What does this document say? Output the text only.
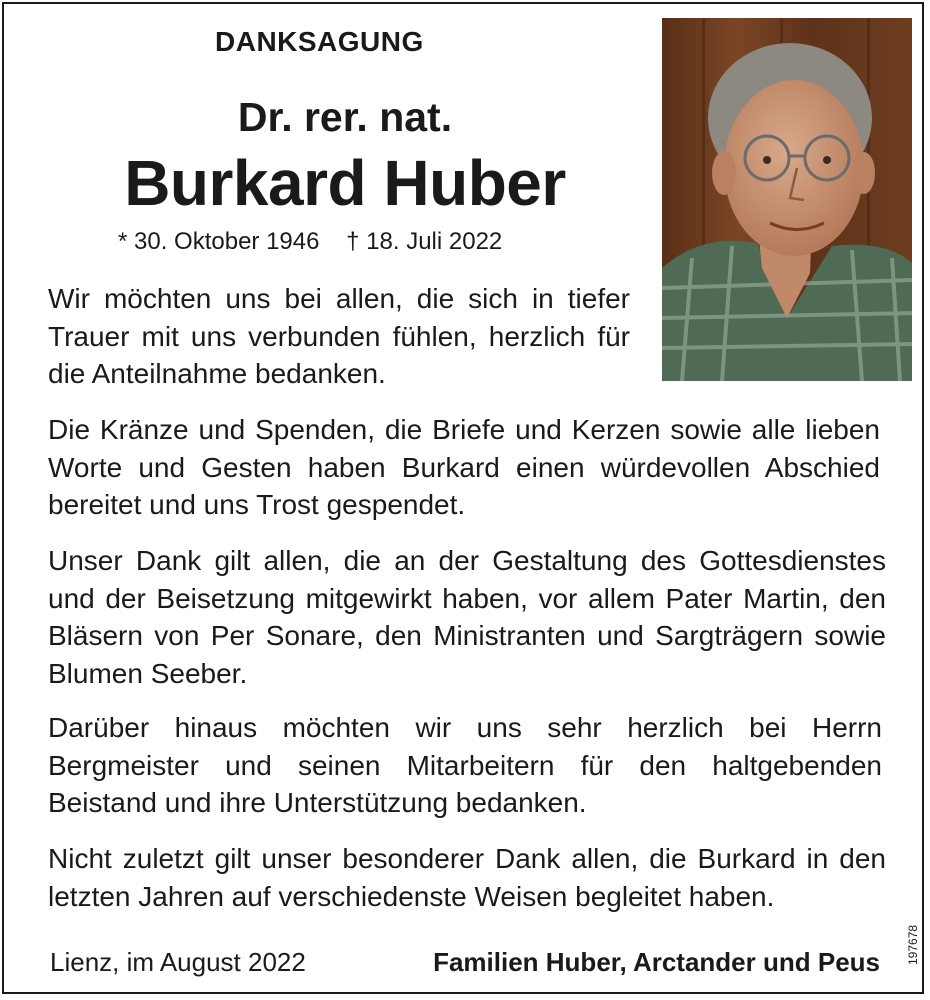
DANKSAGUNG
Dr. rer. nat.
Burkard Huber
* 30. Oktober 1946 † 18. Juli 2022
Wir möchten uns bei allen, die sich in tiefer Trauer mit uns verbunden fühlen, herzlich für die Anteilnahme bedanken.
Die Kränze und Spenden, die Briefe und Kerzen sowie alle lieben Worte und Gesten haben Burkard einen würdevollen Abschied bereitet und uns Trost gespendet.
Unser Dank gilt allen, die an der Gestaltung des Gottesdienstes und der Beisetzung mitgewirkt haben, vor allem Pater Martin, den Bläsern von Per Sonare, den Ministranten und Sargträgern sowie Blumen Seeber.
Darüber hinaus möchten wir uns sehr herzlich bei Herrn Bergmeister und seinen Mitarbeitern für den haltgebenden Beistand und ihre Unterstützung bedanken.
Nicht zuletzt gilt unser besonderer Dank allen, die Burkard in den letzten Jahren auf verschiedenste Weisen begleitet haben.
Lienz, im August 2022	Familien Huber, Arctander und Peus 197678
